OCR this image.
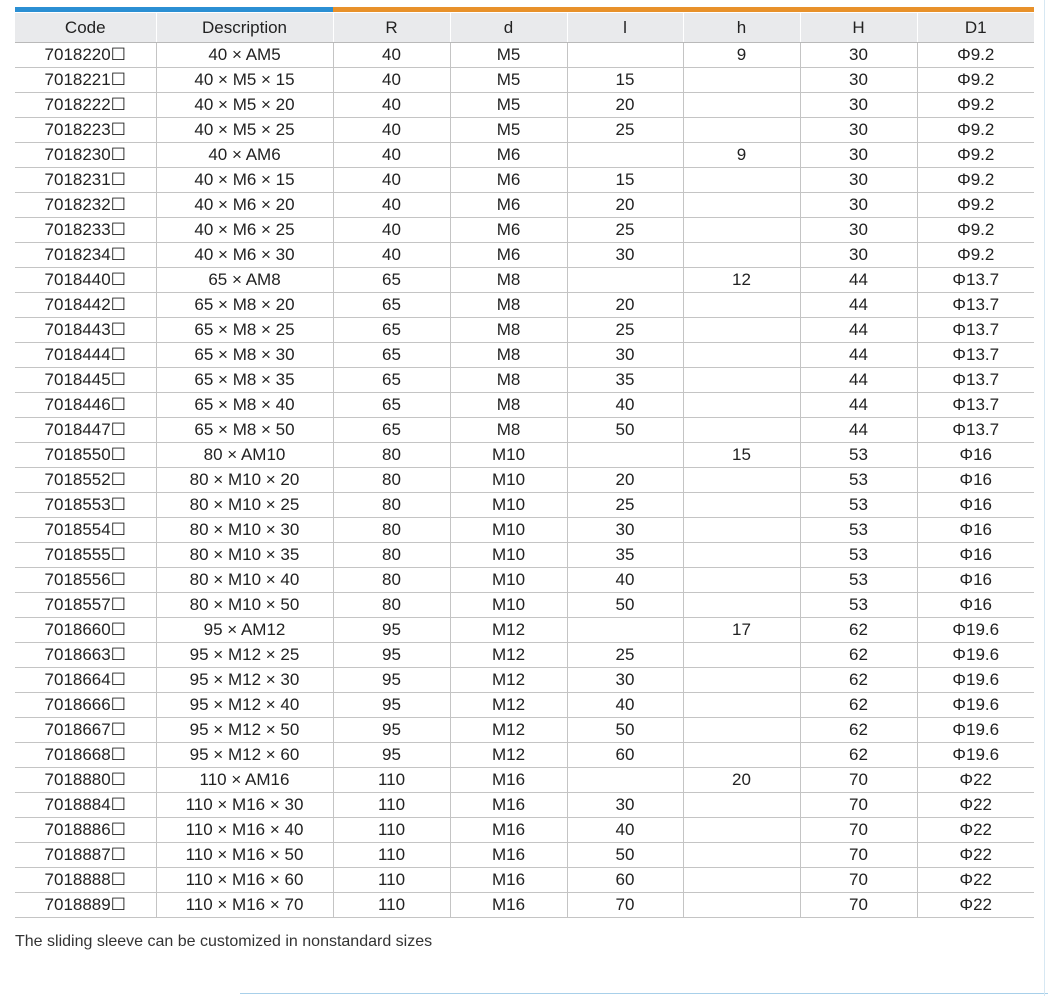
Code	Description	R	d	l	h	H	D1
7018220☐	40 × AM5	40	M5		9	30	Φ9.2
7018221☐	40 × M5 × 15	40	M5	15		30	Φ9.2
7018222☐	40 × M5 × 20	40	M5	20		30	Φ9.2
7018223☐	40 × M5 × 25	40	M5	25		30	Φ9.2
7018230☐	40 × AM6	40	M6		9	30	Φ9.2
7018231☐	40 × M6 × 15	40	M6	15		30	Φ9.2
7018232☐	40 × M6 × 20	40	M6	20		30	Φ9.2
7018233☐	40 × M6 × 25	40	M6	25		30	Φ9.2
7018234☐	40 × M6 × 30	40	M6	30		30	Φ9.2
7018440☐	65 × AM8	65	M8		12	44	Φ13.7
7018442☐	65 × M8 × 20	65	M8	20		44	Φ13.7
7018443☐	65 × M8 × 25	65	M8	25		44	Φ13.7
7018444☐	65 × M8 × 30	65	M8	30		44	Φ13.7
7018445☐	65 × M8 × 35	65	M8	35		44	Φ13.7
7018446☐	65 × M8 × 40	65	M8	40		44	Φ13.7
7018447☐	65 × M8 × 50	65	M8	50		44	Φ13.7
7018550☐	80 × AM10	80	M10		15	53	Φ16
7018552☐	80 × M10 × 20	80	M10	20		53	Φ16
7018553☐	80 × M10 × 25	80	M10	25		53	Φ16
7018554☐	80 × M10 × 30	80	M10	30		53	Φ16
7018555☐	80 × M10 × 35	80	M10	35		53	Φ16
7018556☐	80 × M10 × 40	80	M10	40		53	Φ16
7018557☐	80 × M10 × 50	80	M10	50		53	Φ16
7018660☐	95 × AM12	95	M12		17	62	Φ19.6
7018663☐	95 × M12 × 25	95	M12	25		62	Φ19.6
7018664☐	95 × M12 × 30	95	M12	30		62	Φ19.6
7018666☐	95 × M12 × 40	95	M12	40		62	Φ19.6
7018667☐	95 × M12 × 50	95	M12	50		62	Φ19.6
7018668☐	95 × M12 × 60	95	M12	60		62	Φ19.6
7018880☐	110 × AM16	110	M16		20	70	Φ22
7018884☐	110 × M16 × 30	110	M16	30		70	Φ22
7018886☐	110 × M16 × 40	110	M16	40		70	Φ22
7018887☐	110 × M16 × 50	110	M16	50		70	Φ22
7018888☐	110 × M16 × 60	110	M16	60		70	Φ22
7018889☐	110 × M16 × 70	110	M16	70		70	Φ22
The sliding sleeve can be customized in nonstandard sizes
